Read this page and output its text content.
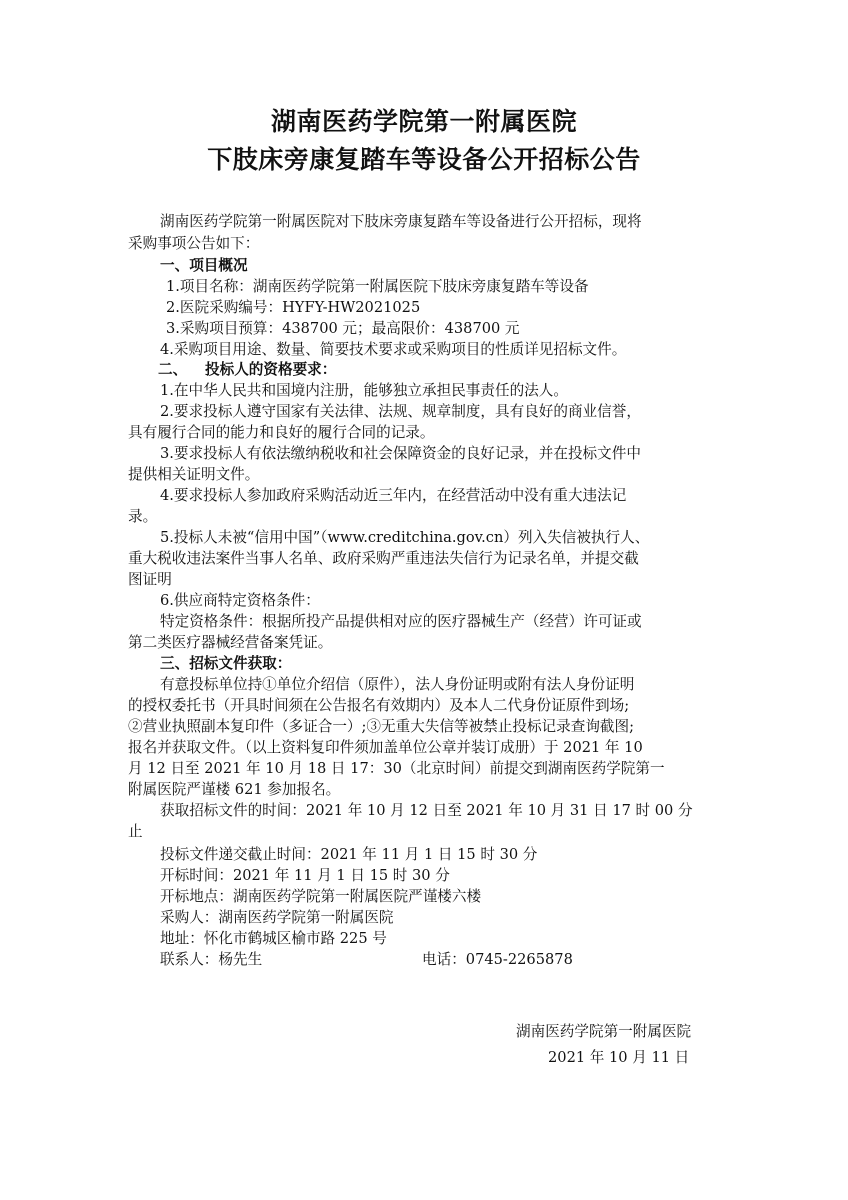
湖南医药学院第一附属医院
下肢床旁康复踏车等设备公开招标公告
湖南医药学院第一附属医院对下肢床旁康复踏车等设备进行公开招标，现将
采购事项公告如下：
一、项目概况
1.项目名称：湖南医药学院第一附属医院下肢床旁康复踏车等设备
2.医院采购编号：HYFY-HW2021025
3.采购项目预算：438700 元；最高限价：438700 元
4.采购项目用途、数量、简要技术要求或采购项目的性质详见招标文件。
二、 投标人的资格要求：
1.在中华人民共和国境内注册，能够独立承担民事责任的法人。
2.要求投标人遵守国家有关法律、法规、规章制度，具有良好的商业信誉，
具有履行合同的能力和良好的履行合同的记录。
3.要求投标人有依法缴纳税收和社会保障资金的良好记录，并在投标文件中
提供相关证明文件。
4.要求投标人参加政府采购活动近三年内，在经营活动中没有重大违法记
录。
5.投标人未被“信用中国”（www.creditchina.gov.cn）列入失信被执行人、
重大税收违法案件当事人名单、政府采购严重违法失信行为记录名单，并提交截
图证明
6.供应商特定资格条件：
特定资格条件：根据所投产品提供相对应的医疗器械生产（经营）许可证或
第二类医疗器械经营备案凭证。
三、招标文件获取：
有意投标单位持①单位介绍信（原件），法人身份证明或附有法人身份证明
的授权委托书（开具时间须在公告报名有效期内）及本人二代身份证原件到场;
②营业执照副本复印件（多证合一）;③无重大失信等被禁止投标记录查询截图;
报名并获取文件。（以上资料复印件须加盖单位公章并装订成册）于 2021 年 10
月 12 日至 2021 年 10 月 18 日 17：30（北京时间）前提交到湖南医药学院第一
附属医院严谨楼 621 参加报名。
获取招标文件的时间：2021 年 10 月 12 日至 2021 年 10 月 31 日 17 时 00 分
止
投标文件递交截止时间：2021 年 11 月 1 日 15 时 30 分
开标时间：2021 年 11 月 1 日 15 时 30 分
开标地点：湖南医药学院第一附属医院严谨楼六楼
采购人：湖南医药学院第一附属医院
地址：怀化市鹤城区榆市路 225 号
联系人：杨先生	电话：0745-2265878
湖南医药学院第一附属医院
2021 年 10 月 11 日
